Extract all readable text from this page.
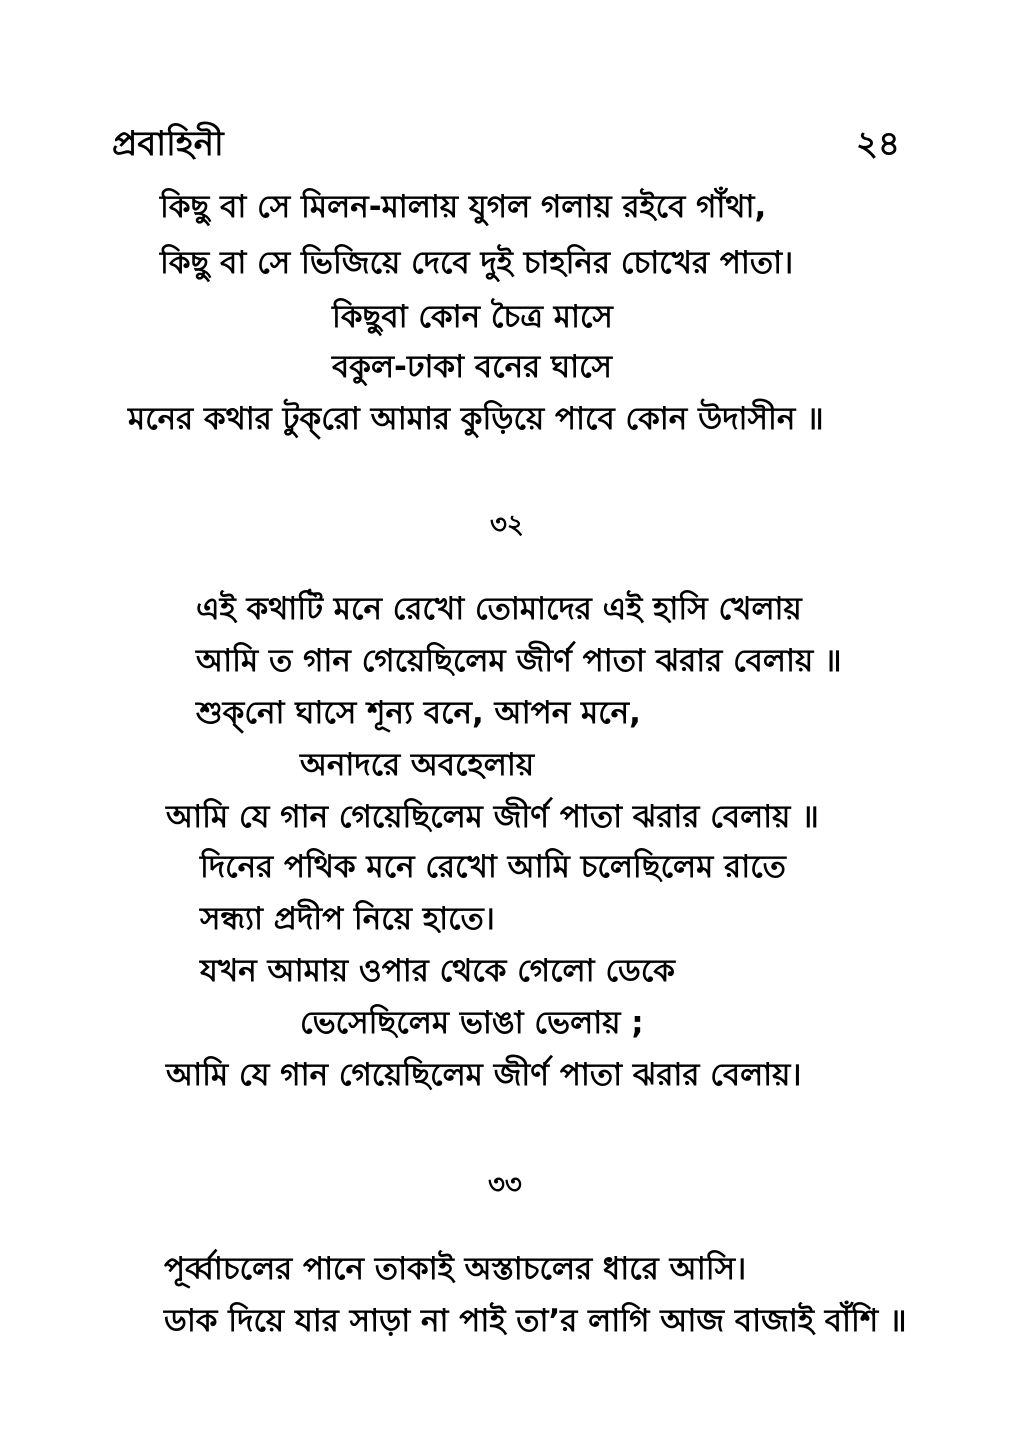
প্রবাহিনী	২৪
কিছু বা সে মিলন-মালায় যুগল গলায় রইবে গাঁথা,
কিছু বা সে ভিজিয়ে দেবে দুই চাহনির চোখের পাতা।
কিছুবা কোন চৈত্র মাসে
বকুল-ঢাকা বনের ঘাসে
মনের কথার টুক্‌রো আমার কুড়িয়ে পাবে কোন উদাসীন ॥
৩২
এই কথাটি মনে রেখো তোমাদের এই হাসি খেলায়
আমি ত গান গেয়েছিলেম জীর্ণ পাতা ঝরার বেলায় ॥
শুক্‌নো ঘাসে শূন্য বনে, আপন মনে,
অনাদরে অবহেলায়
আমি যে গান গেয়েছিলেম জীর্ণ পাতা ঝরার বেলায় ॥
দিনের পথিক মনে রেখো আমি চলেছিলেম রাতে
সন্ধ্যা প্রদীপ নিয়ে হাতে।
যখন আমায় ওপার থেকে গেলো ডেকে
ভেসেছিলেম ভাঙা ভেলায় ;
আমি যে গান গেয়েছিলেম জীর্ণ পাতা ঝরার বেলায়।
৩৩
পূর্ব্বাচলের পানে তাকাই অস্তাচলের ধারে আসি।
ডাক দিয়ে যার সাড়া না পাই তা’র লাগি আজ বাজাই বাঁশি ॥
